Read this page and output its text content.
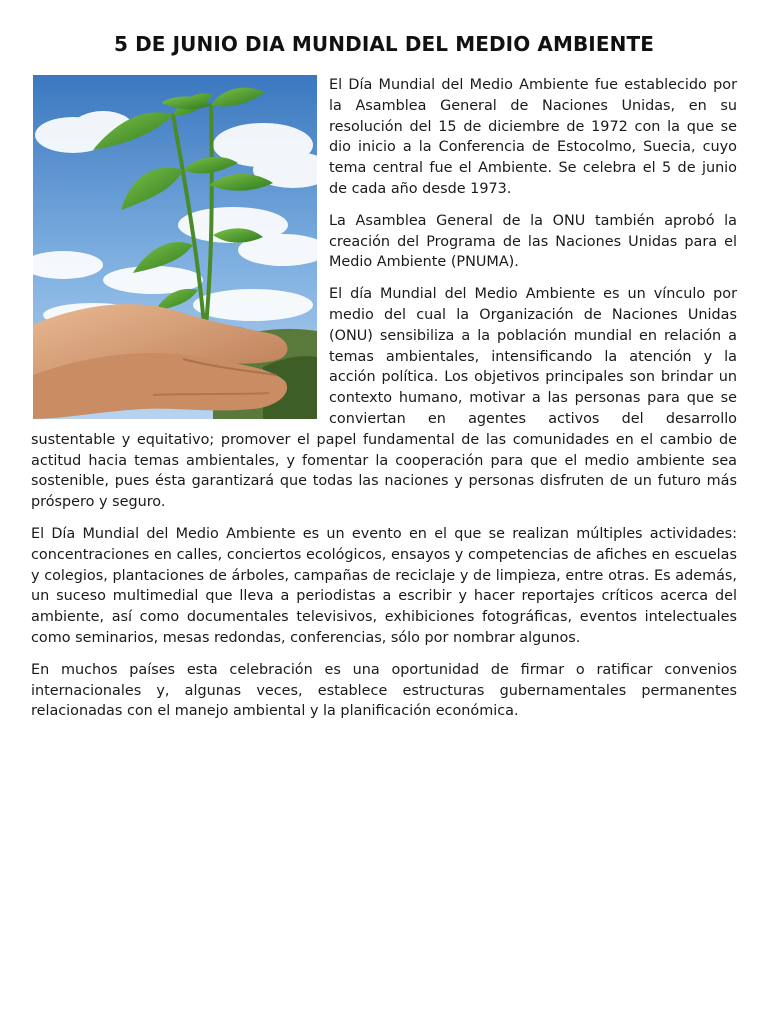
5 DE JUNIO DIA MUNDIAL DEL MEDIO AMBIENTE

El Día Mundial del Medio Ambiente fue establecido por la Asamblea General de Naciones Unidas, en su resolución del 15 de diciembre de 1972 con la que se dio inicio a la Conferencia de Estocolmo, Suecia, cuyo tema central fue el Ambiente. Se celebra el 5 de junio de cada año desde 1973.

La Asamblea General de la ONU también aprobó la creación del Programa de las Naciones Unidas para el Medio Ambiente (PNUMA).

El día Mundial del Medio Ambiente es un vínculo por medio del cual la Organización de Naciones Unidas (ONU) sensibiliza a la población mundial en relación a temas ambientales, intensificando la atención y la acción política. Los objetivos principales son brindar un contexto humano, motivar a las personas para que se conviertan en agentes activos del desarrollo sustentable y equitativo; promover el papel fundamental de las comunidades en el cambio de actitud hacia temas ambientales, y fomentar la cooperación para que el medio ambiente sea sostenible, pues ésta garantizará que todas las naciones y personas disfruten de un futuro más próspero y seguro.

El Día Mundial del Medio Ambiente es un evento en el que se realizan múltiples actividades: concentraciones en calles, conciertos ecológicos, ensayos y competencias de afiches en escuelas y colegios, plantaciones de árboles, campañas de reciclaje y de limpieza, entre otras. Es además, un suceso multimedial que lleva a periodistas a escribir y hacer reportajes críticos acerca del ambiente, así como documentales televisivos, exhibiciones fotográficas, eventos intelectuales como seminarios, mesas redondas, conferencias, sólo por nombrar algunos.

En muchos países esta celebración es una oportunidad de firmar o ratificar convenios internacionales y, algunas veces, establece estructuras gubernamentales permanentes relacionadas con el manejo ambiental y la planificación económica.
